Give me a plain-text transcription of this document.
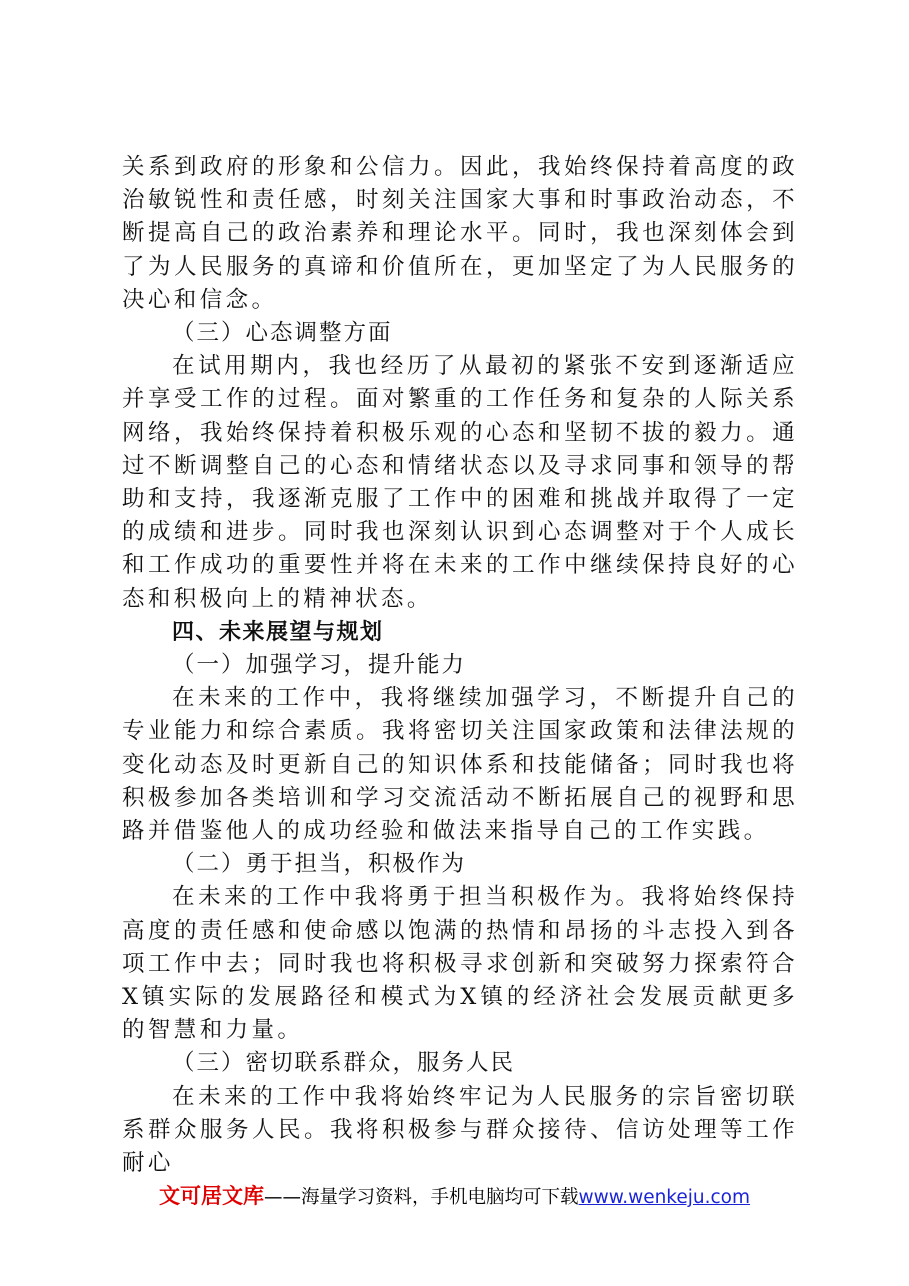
关系到政府的形象和公信力。因此，我始终保持着高度的政治敏锐性和责任感，时刻关注国家大事和时事政治动态，不断提高自己的政治素养和理论水平。同时，我也深刻体会到了为人民服务的真谛和价值所在，更加坚定了为人民服务的决心和信念。

（三）心态调整方面

在试用期内，我也经历了从最初的紧张不安到逐渐适应并享受工作的过程。面对繁重的工作任务和复杂的人际关系网络，我始终保持着积极乐观的心态和坚韧不拔的毅力。通过不断调整自己的心态和情绪状态以及寻求同事和领导的帮助和支持，我逐渐克服了工作中的困难和挑战并取得了一定的成绩和进步。同时我也深刻认识到心态调整对于个人成长和工作成功的重要性并将在未来的工作中继续保持良好的心态和积极向上的精神状态。

四、未来展望与规划

（一）加强学习，提升能力

在未来的工作中，我将继续加强学习，不断提升自己的专业能力和综合素质。我将密切关注国家政策和法律法规的变化动态及时更新自己的知识体系和技能储备；同时我也将积极参加各类培训和学习交流活动不断拓展自己的视野和思路并借鉴他人的成功经验和做法来指导自己的工作实践。

（二）勇于担当，积极作为

在未来的工作中我将勇于担当积极作为。我将始终保持高度的责任感和使命感以饱满的热情和昂扬的斗志投入到各项工作中去；同时我也将积极寻求创新和突破努力探索符合X镇实际的发展路径和模式为X镇的经济社会发展贡献更多的智慧和力量。

（三）密切联系群众，服务人民

在未来的工作中我将始终牢记为人民服务的宗旨密切联系群众服务人民。我将积极参与群众接待、信访处理等工作耐心

文可居文库——海量学习资料，手机电脑均可下载www.wenkeju.com
